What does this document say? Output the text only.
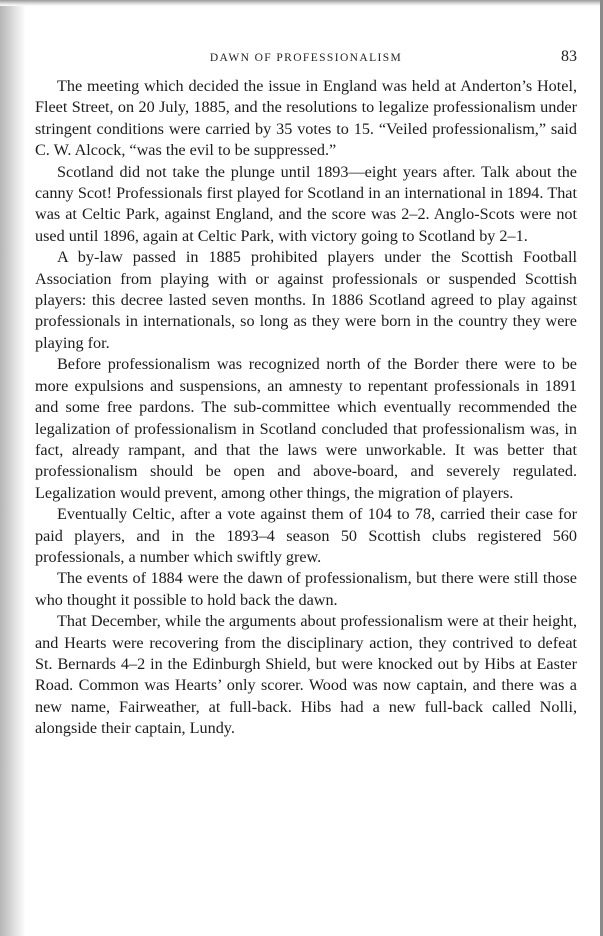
DAWN OF PROFESSIONALISM	83

The meeting which decided the issue in England was held at Anderton’s Hotel, Fleet Street, on 20 July, 1885, and the resolutions to legalize professionalism under stringent conditions were carried by 35 votes to 15. “Veiled professionalism,” said C. W. Alcock, “was the evil to be suppressed.”

Scotland did not take the plunge until 1893—eight years after. Talk about the canny Scot! Professionals first played for Scotland in an international in 1894. That was at Celtic Park, against England, and the score was 2–2. Anglo-Scots were not used until 1896, again at Celtic Park, with victory going to Scotland by 2–1.

A by-law passed in 1885 prohibited players under the Scottish Football Association from playing with or against professionals or suspended Scottish players: this decree lasted seven months. In 1886 Scotland agreed to play against professionals in internationals, so long as they were born in the country they were playing for.

Before professionalism was recognized north of the Border there were to be more expulsions and suspensions, an amnesty to repentant professionals in 1891 and some free pardons. The sub-committee which eventually recommended the legalization of professionalism in Scotland concluded that professionalism was, in fact, already rampant, and that the laws were unworkable. It was better that professionalism should be open and above-board, and severely regulated. Legalization would prevent, among other things, the migration of players.

Eventually Celtic, after a vote against them of 104 to 78, carried their case for paid players, and in the 1893–4 season 50 Scottish clubs registered 560 professionals, a number which swiftly grew.

The events of 1884 were the dawn of professionalism, but there were still those who thought it possible to hold back the dawn.

That December, while the arguments about professionalism were at their height, and Hearts were recovering from the disciplinary action, they contrived to defeat St. Bernards 4–2 in the Edinburgh Shield, but were knocked out by Hibs at Easter Road. Common was Hearts’ only scorer. Wood was now captain, and there was a new name, Fairweather, at full-back. Hibs had a new full-back called Nolli, alongside their captain, Lundy.
